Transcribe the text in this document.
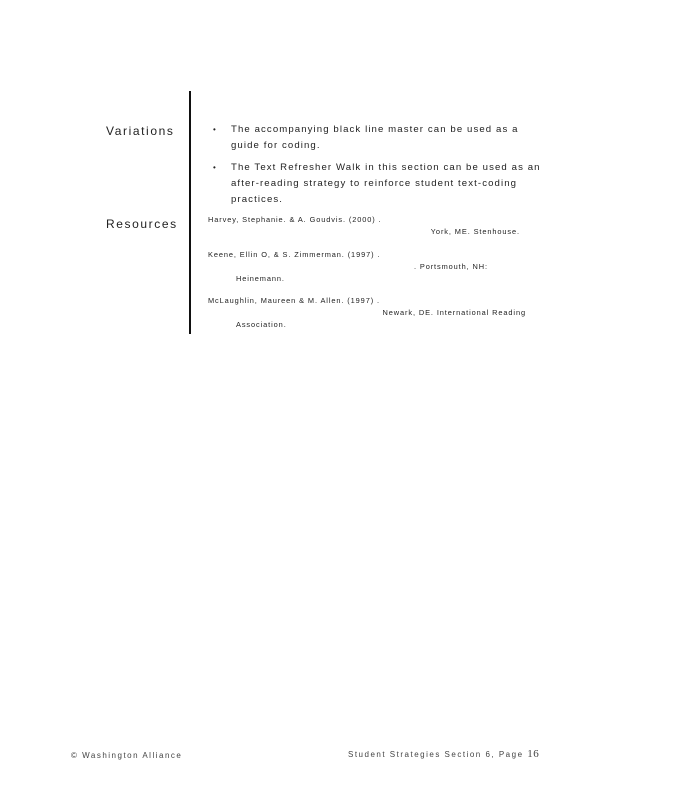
Variations
Resources
• The accompanying black line master can be used as a guide for coding.
• The Text Refresher Walk in this section can be used as an after-reading strategy to reinforce student text-coding practices.
Harvey, Stephanie. & A. Goudvis. (2000) .
York, ME. Stenhouse.
Keene, Ellin O, & S. Zimmerman. (1997) .
. Portsmouth, NH:
Heinemann.
McLaughlin, Maureen & M. Allen. (1997) .
Newark, DE. International Reading
Association.
© Washington Alliance	Student Strategies Section 6, Page 16
